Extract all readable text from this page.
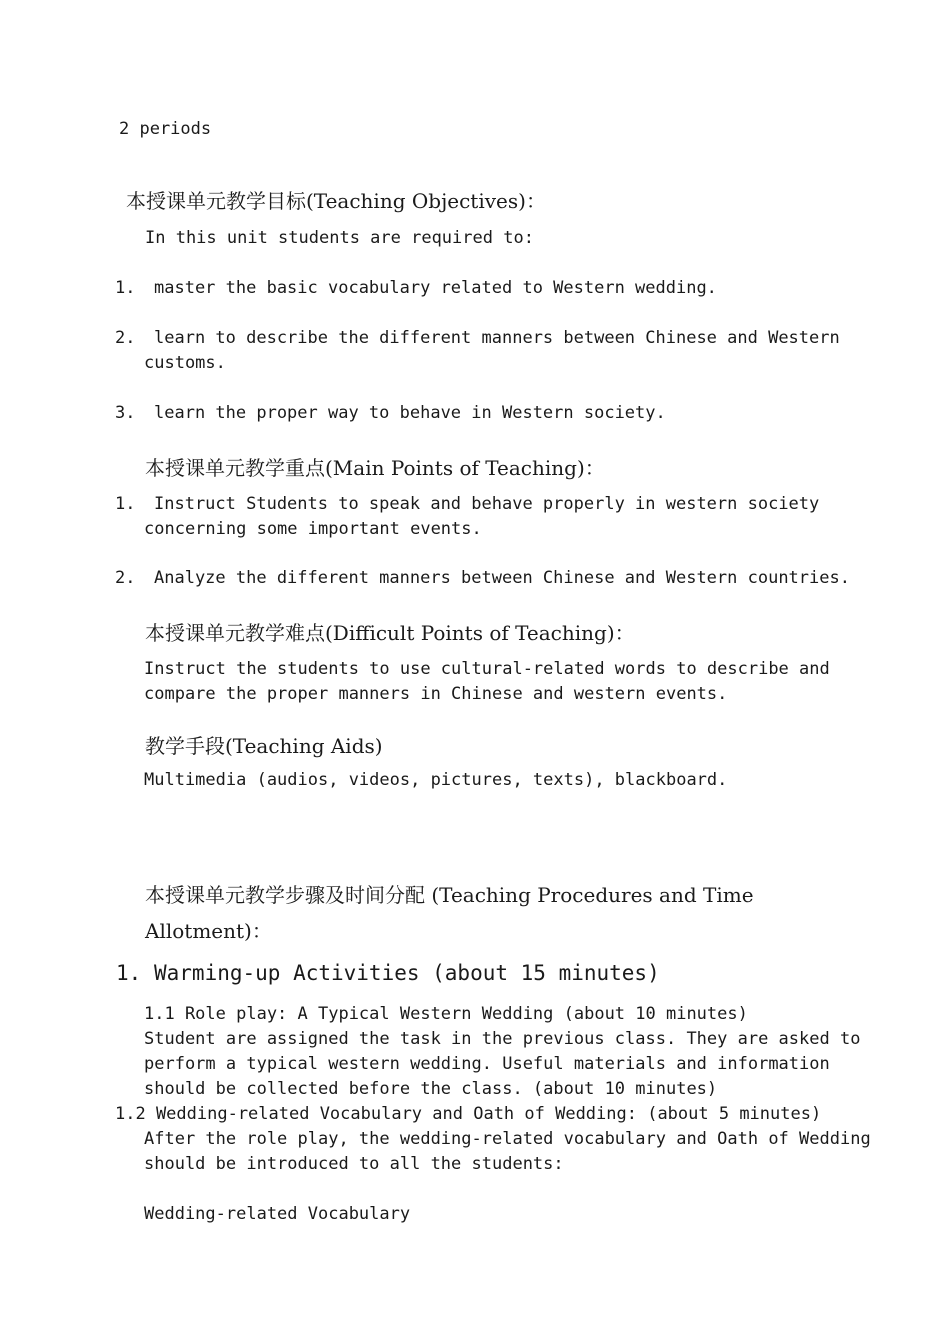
2 periods
本授课单元教学目标(Teaching Objectives)：
In this unit students are required to:
1. master the basic vocabulary related to Western wedding.
2. learn to describe the different manners between Chinese and Western
customs.
3. learn the proper way to behave in Western society.
本授课单元教学重点(Main Points of Teaching)：
1. Instruct Students to speak and behave properly in western society
concerning some important events.
2. Analyze the different manners between Chinese and Western countries.
本授课单元教学难点(Difficult Points of Teaching)：
Instruct the students to use cultural-related words to describe and
compare the proper manners in Chinese and western events.
教学手段(Teaching Aids)
Multimedia (audios, videos, pictures, texts), blackboard.
本授课单元教学步骤及时间分配 (Teaching Procedures and Time
Allotment)：
1. Warming-up Activities (about 15 minutes)
1.1 Role play: A Typical Western Wedding (about 10 minutes)
Student are assigned the task in the previous class. They are asked to
perform a typical western wedding. Useful materials and information
should be collected before the class. (about 10 minutes)
1.2 Wedding-related Vocabulary and Oath of Wedding: (about 5 minutes)
After the role play, the wedding-related vocabulary and Oath of Wedding
should be introduced to all the students:
Wedding-related Vocabulary
